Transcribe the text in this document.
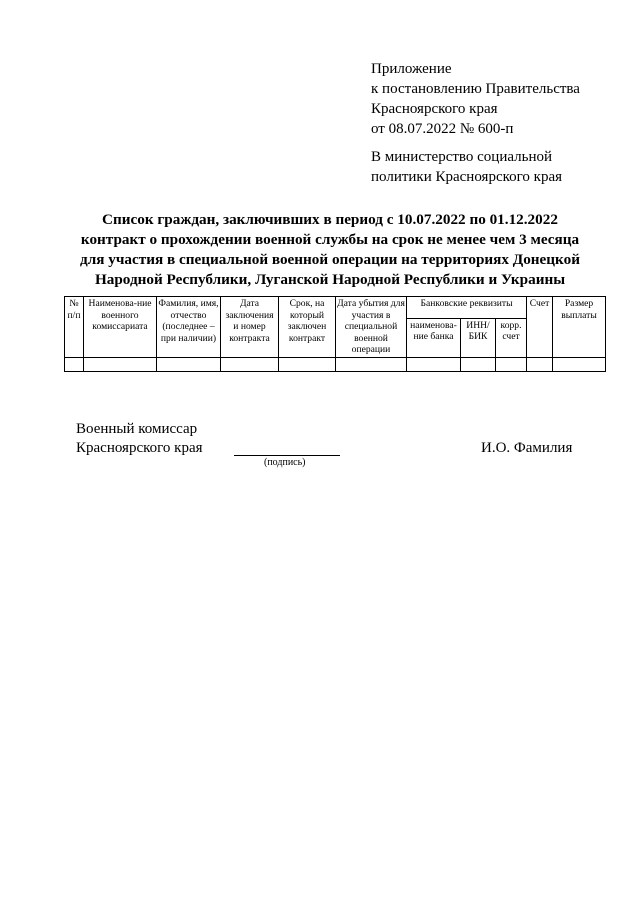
Приложение
к постановлению Правительства
Красноярского края
от 08.07.2022 № 600-п
В министерство социальной
политики Красноярского края
Список граждан, заключивших в период с 10.07.2022 по 01.12.2022
контракт о прохождении военной службы на срок не менее чем 3 месяца
для участия в специальной военной операции на территориях Донецкой
Народной Республики, Луганской Народной Республики и Украины
№ п/п	Наименова-ние военного комиссариата	Фамилия, имя, отчество (последнее – при наличии)	Дата заключения и номер контракта	Срок, на который заключен контракт	Дата убытия для участия в специальной военной операции	Банковские реквизиты			Счет	Размер выплаты
						наименова-ние банка	ИНН/ БИК	корр. счет		

Военный комиссар
Красноярского края
(подпись)
И.О. Фамилия
